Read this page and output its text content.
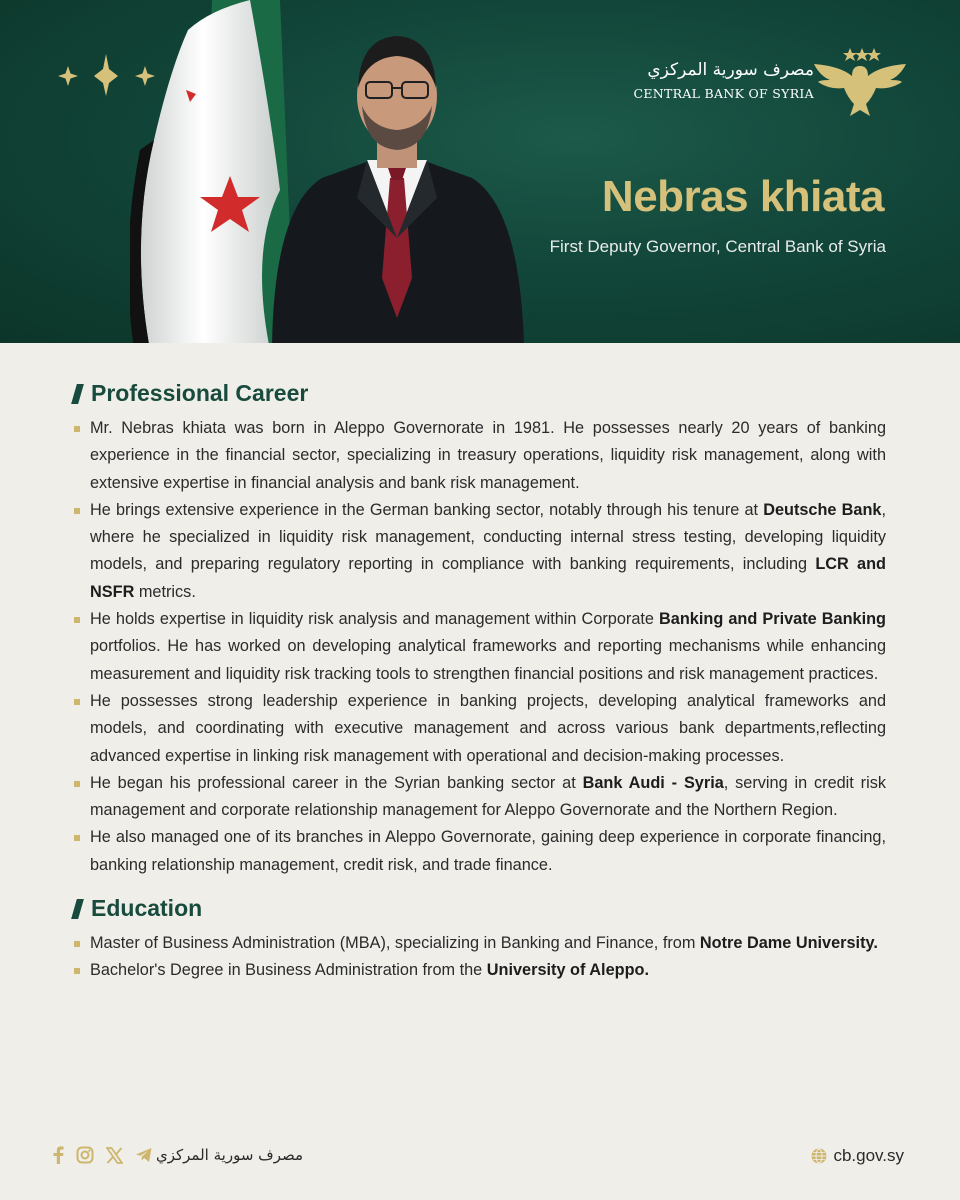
مصرف سورية المركزي
CENTRAL BANK OF SYRIA
Nebras khiata
First Deputy Governor, Central Bank of Syria
Professional Career
Mr. Nebras khiata was born in Aleppo Governorate in 1981. He possesses nearly 20 years of banking experience in the financial sector, specializing in treasury operations, liquidity risk management, along with extensive expertise in financial analysis and bank risk management.
He brings extensive experience in the German banking sector, notably through his tenure at Deutsche Bank, where he specialized in liquidity risk management, conducting internal stress testing, developing liquidity models, and preparing regulatory reporting in compliance with banking requirements, including LCR and NSFR metrics.
He holds expertise in liquidity risk analysis and management within Corporate Banking and Private Banking portfolios. He has worked on developing analytical frameworks and reporting mechanisms while enhancing measurement and liquidity risk tracking tools to strengthen financial positions and risk management practices.
He possesses strong leadership experience in banking projects, developing analytical frameworks and models, and coordinating with executive management and across various bank departments,reflecting advanced expertise in linking risk management with operational and decision-making processes.
He began his professional career in the Syrian banking sector at Bank Audi - Syria, serving in credit risk management and corporate relationship management for Aleppo Governorate and the Northern Region.
He also managed one of its branches in Aleppo Governorate, gaining deep experience in corporate financing, banking relationship management, credit risk, and trade finance.
Education
Master of Business Administration (MBA), specializing in Banking and Finance, from Notre Dame University.
Bachelor's Degree in Business Administration from the University of Aleppo.
مصرف سورية المركزي	cb.gov.sy
